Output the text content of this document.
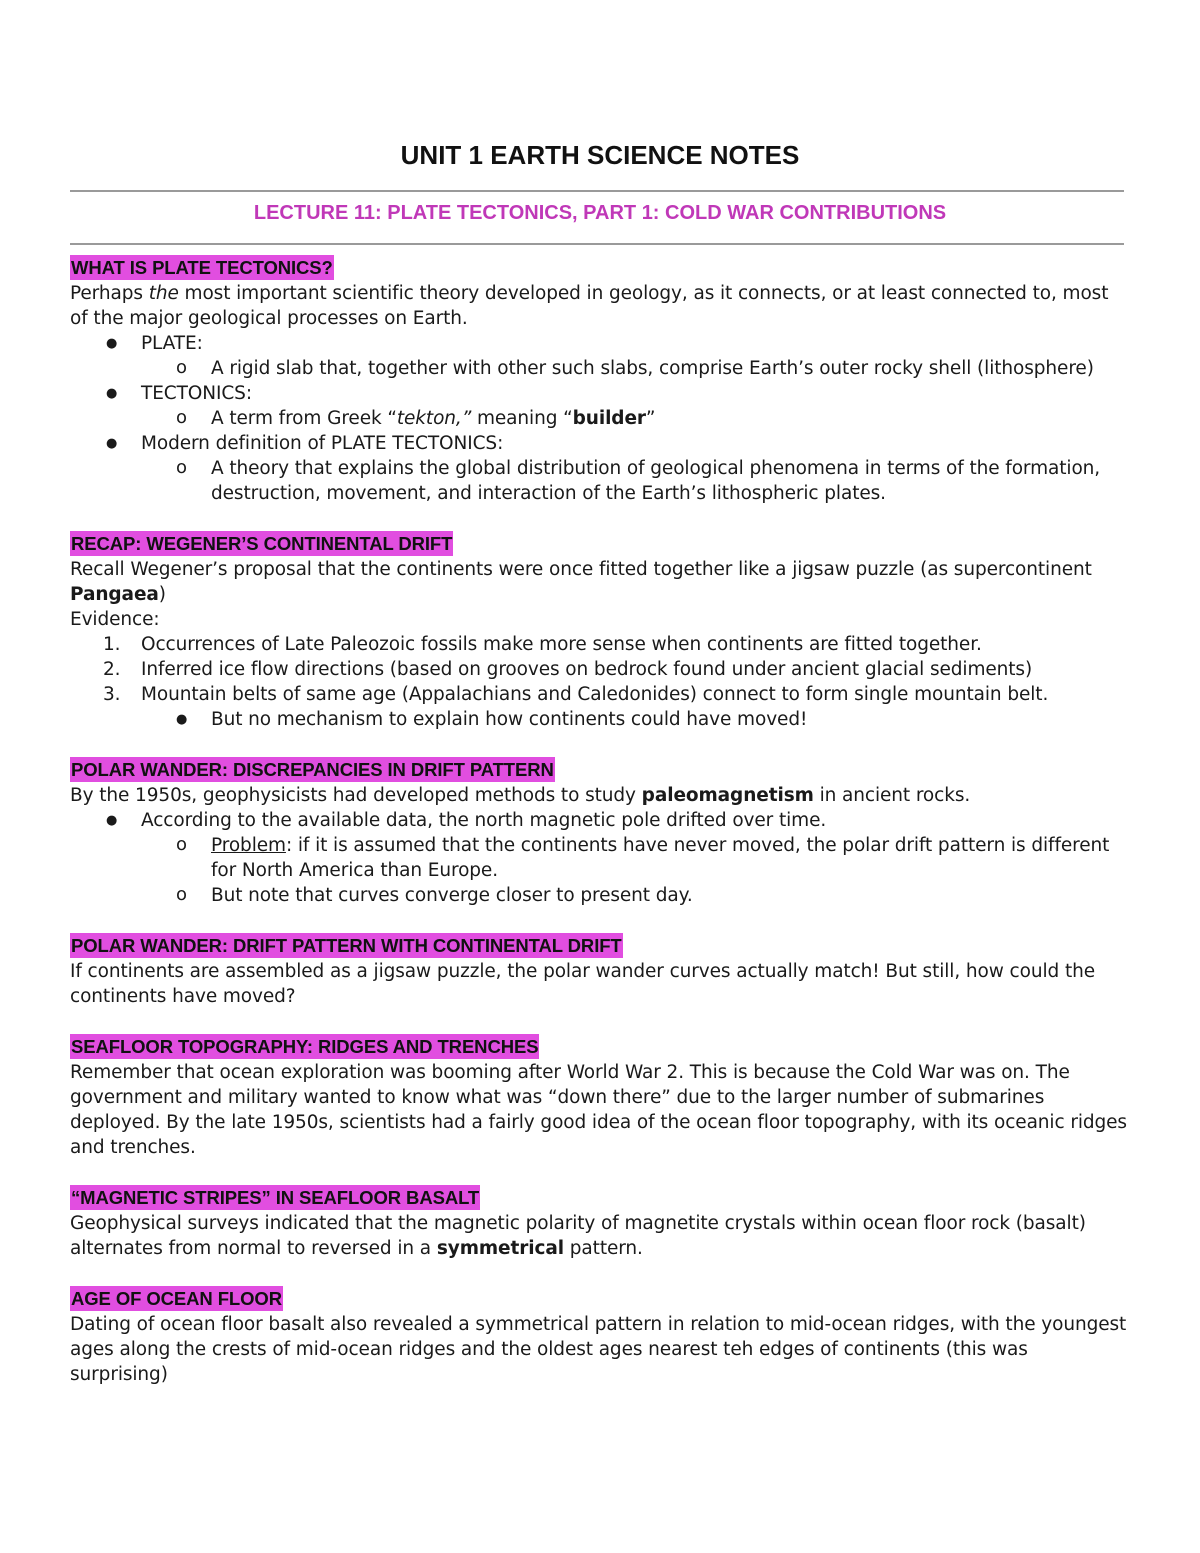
UNIT 1 EARTH SCIENCE NOTES
LECTURE 11: PLATE TECTONICS, PART 1: COLD WAR CONTRIBUTIONS
WHAT IS PLATE TECTONICS?

Perhaps the most important scientific theory developed in geology, as it connects, or at least connected to, most of the major geological processes on Earth.

● PLATE:
o A rigid slab that, together with other such slabs, comprise Earth’s outer rocky shell (lithosphere)
● TECTONICS:
o A term from Greek “tekton,” meaning “builder”
● Modern definition of PLATE TECTONICS:
o A theory that explains the global distribution of geological phenomena in terms of the formation, destruction, movement, and interaction of the Earth’s lithospheric plates.
RECAP: WEGENER’S CONTINENTAL DRIFT

Recall Wegener’s proposal that the continents were once fitted together like a jigsaw puzzle (as supercontinent Pangaea)

Evidence:

1. Occurrences of Late Paleozoic fossils make more sense when continents are fitted together.
2. Inferred ice flow directions (based on grooves on bedrock found under ancient glacial sediments)
3. Mountain belts of same age (Appalachians and Caledonides) connect to form single mountain belt.
● But no mechanism to explain how continents could have moved!
POLAR WANDER: DISCREPANCIES IN DRIFT PATTERN

By the 1950s, geophysicists had developed methods to study paleomagnetism in ancient rocks.

● According to the available data, the north magnetic pole drifted over time.
o Problem: if it is assumed that the continents have never moved, the polar drift pattern is different for North America than Europe.
o But note that curves converge closer to present day.
POLAR WANDER: DRIFT PATTERN WITH CONTINENTAL DRIFT

If continents are assembled as a jigsaw puzzle, the polar wander curves actually match! But still, how could the continents have moved?

SEAFLOOR TOPOGRAPHY: RIDGES AND TRENCHES

Remember that ocean exploration was booming after World War 2. This is because the Cold War was on. The government and military wanted to know what was “down there” due to the larger number of submarines deployed. By the late 1950s, scientists had a fairly good idea of the ocean floor topography, with its oceanic ridges and trenches.

“MAGNETIC STRIPES” IN SEAFLOOR BASALT

Geophysical surveys indicated that the magnetic polarity of magnetite crystals within ocean floor rock (basalt) alternates from normal to reversed in a symmetrical pattern.

AGE OF OCEAN FLOOR

Dating of ocean floor basalt also revealed a symmetrical pattern in relation to mid-ocean ridges, with the youngest ages along the crests of mid-ocean ridges and the oldest ages nearest teh edges of continents (this was surprising)
